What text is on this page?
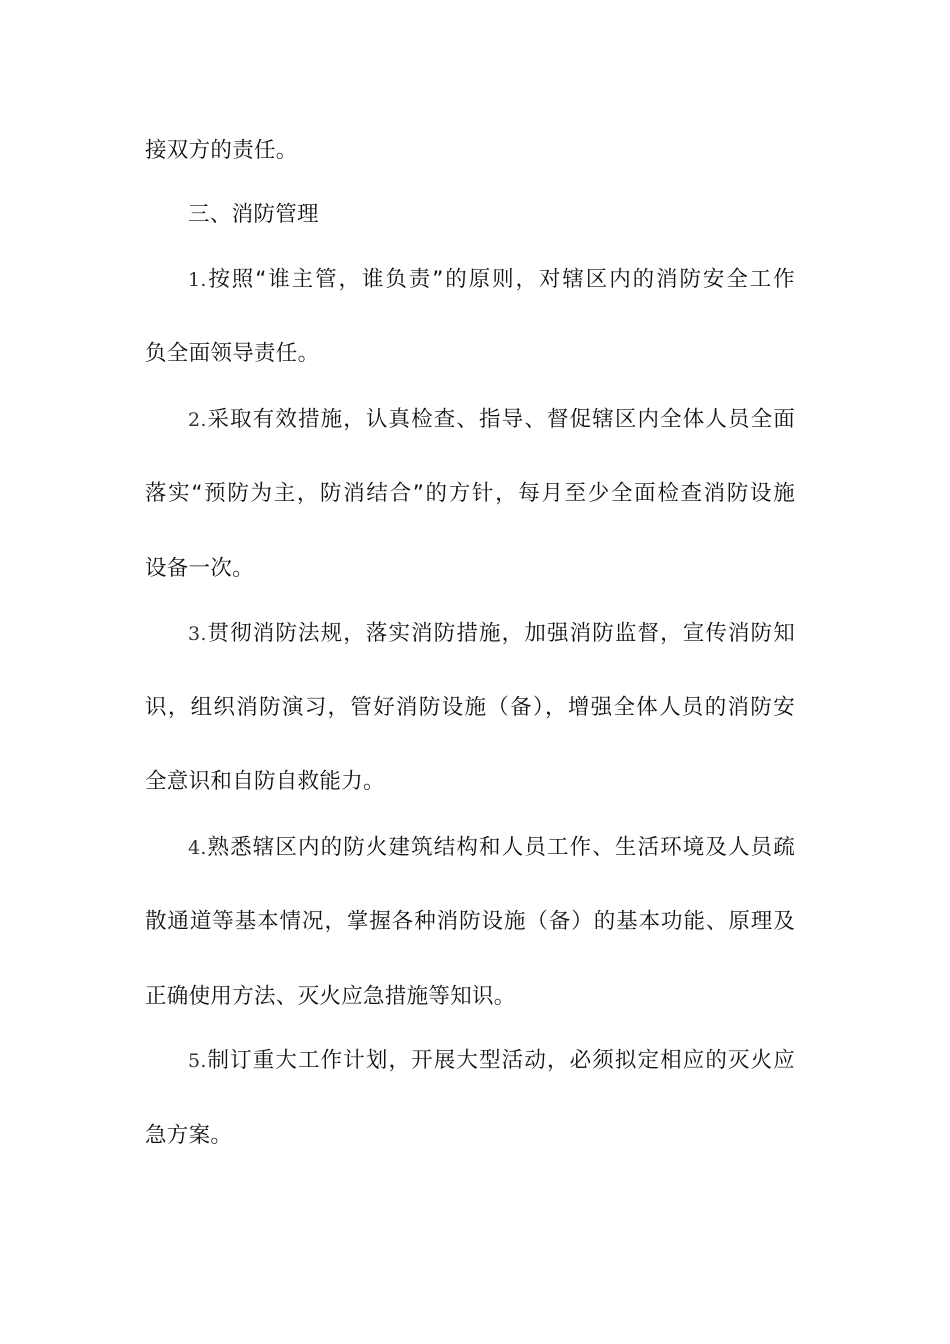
接双方的责任。
三、消防管理
1.按照“谁主管，谁负责”的原则，对辖区内的消防安全工作
负全面领导责任。
2.采取有效措施，认真检查、指导、督促辖区内全体人员全面
落实“预防为主，防消结合”的方针，每月至少全面检查消防设施
设备一次。
3.贯彻消防法规，落实消防措施，加强消防监督，宣传消防知
识，组织消防演习，管好消防设施（备），增强全体人员的消防安
全意识和自防自救能力。
4.熟悉辖区内的防火建筑结构和人员工作、生活环境及人员疏
散通道等基本情况，掌握各种消防设施（备）的基本功能、原理及
正确使用方法、灭火应急措施等知识。
5.制订重大工作计划，开展大型活动，必须拟定相应的灭火应
急方案。
